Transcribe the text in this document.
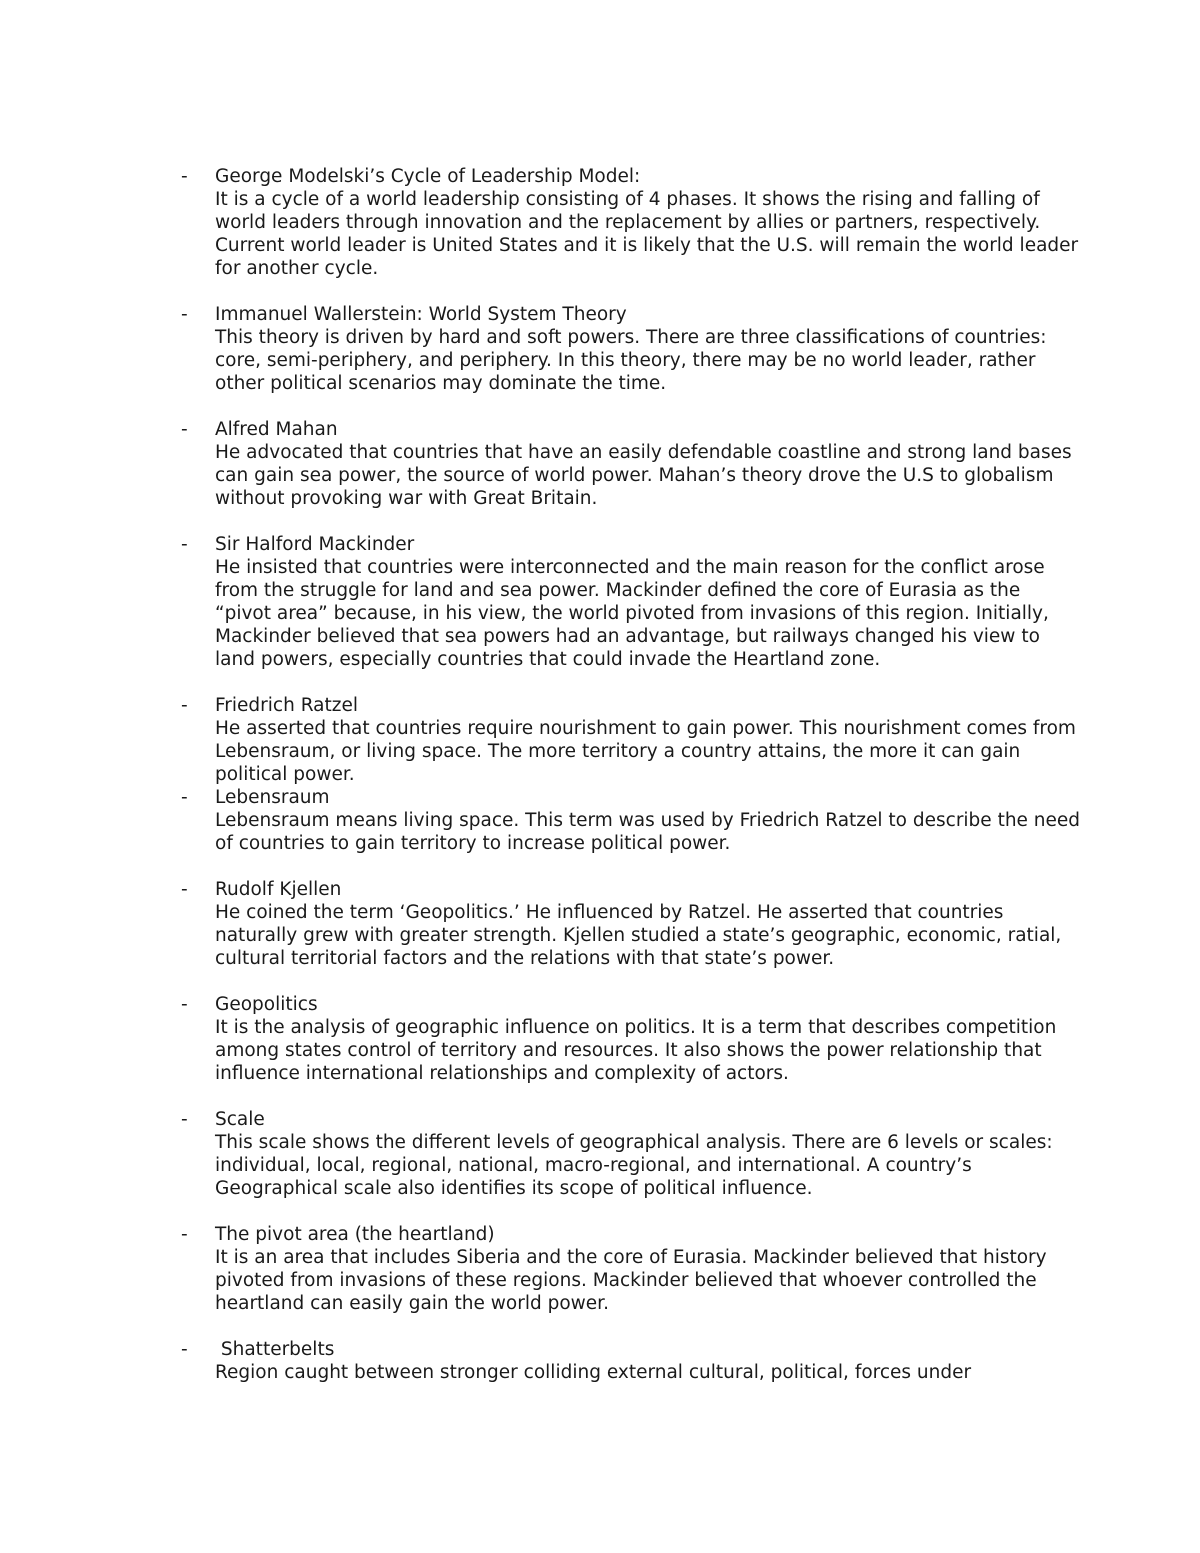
- George Modelski’s Cycle of Leadership Model:
It is a cycle of a world leadership consisting of 4 phases. It shows the rising and falling of world leaders through innovation and the replacement by allies or partners, respectively. Current world leader is United States and it is likely that the U.S. will remain the world leader for another cycle.
- Immanuel Wallerstein: World System Theory
This theory is driven by hard and soft powers. There are three classifications of countries: core, semi-periphery, and periphery. In this theory, there may be no world leader, rather other political scenarios may dominate the time.
- Alfred Mahan
He advocated that countries that have an easily defendable coastline and strong land bases can gain sea power, the source of world power. Mahan’s theory drove the U.S to globalism without provoking war with Great Britain.
- Sir Halford Mackinder
He insisted that countries were interconnected and the main reason for the conflict arose from the struggle for land and sea power. Mackinder defined the core of Eurasia as the “pivot area” because, in his view, the world pivoted from invasions of this region. Initially, Mackinder believed that sea powers had an advantage, but railways changed his view to land powers, especially countries that could invade the Heartland zone.
- Friedrich Ratzel
He asserted that countries require nourishment to gain power. This nourishment comes from Lebensraum, or living space. The more territory a country attains, the more it can gain political power.
- Lebensraum
Lebensraum means living space. This term was used by Friedrich Ratzel to describe the need of countries to gain territory to increase political power.
- Rudolf Kjellen
He coined the term ‘Geopolitics.’ He influenced by Ratzel. He asserted that countries naturally grew with greater strength. Kjellen studied a state’s geographic, economic, ratial, cultural territorial factors and the relations with that state’s power.
- Geopolitics
It is the analysis of geographic influence on politics. It is a term that describes competition among states control of territory and resources. It also shows the power relationship that influence international relationships and complexity of actors.
- Scale
This scale shows the different levels of geographical analysis. There are 6 levels or scales: individual, local, regional, national, macro-regional, and international. A country’s Geographical scale also identifies its scope of political influence.
- The pivot area (the heartland)
It is an area that includes Siberia and the core of Eurasia. Mackinder believed that history pivoted from invasions of these regions. Mackinder believed that whoever controlled the heartland can easily gain the world power.
- Shatterbelts
Region caught between stronger colliding external cultural, political, forces under
